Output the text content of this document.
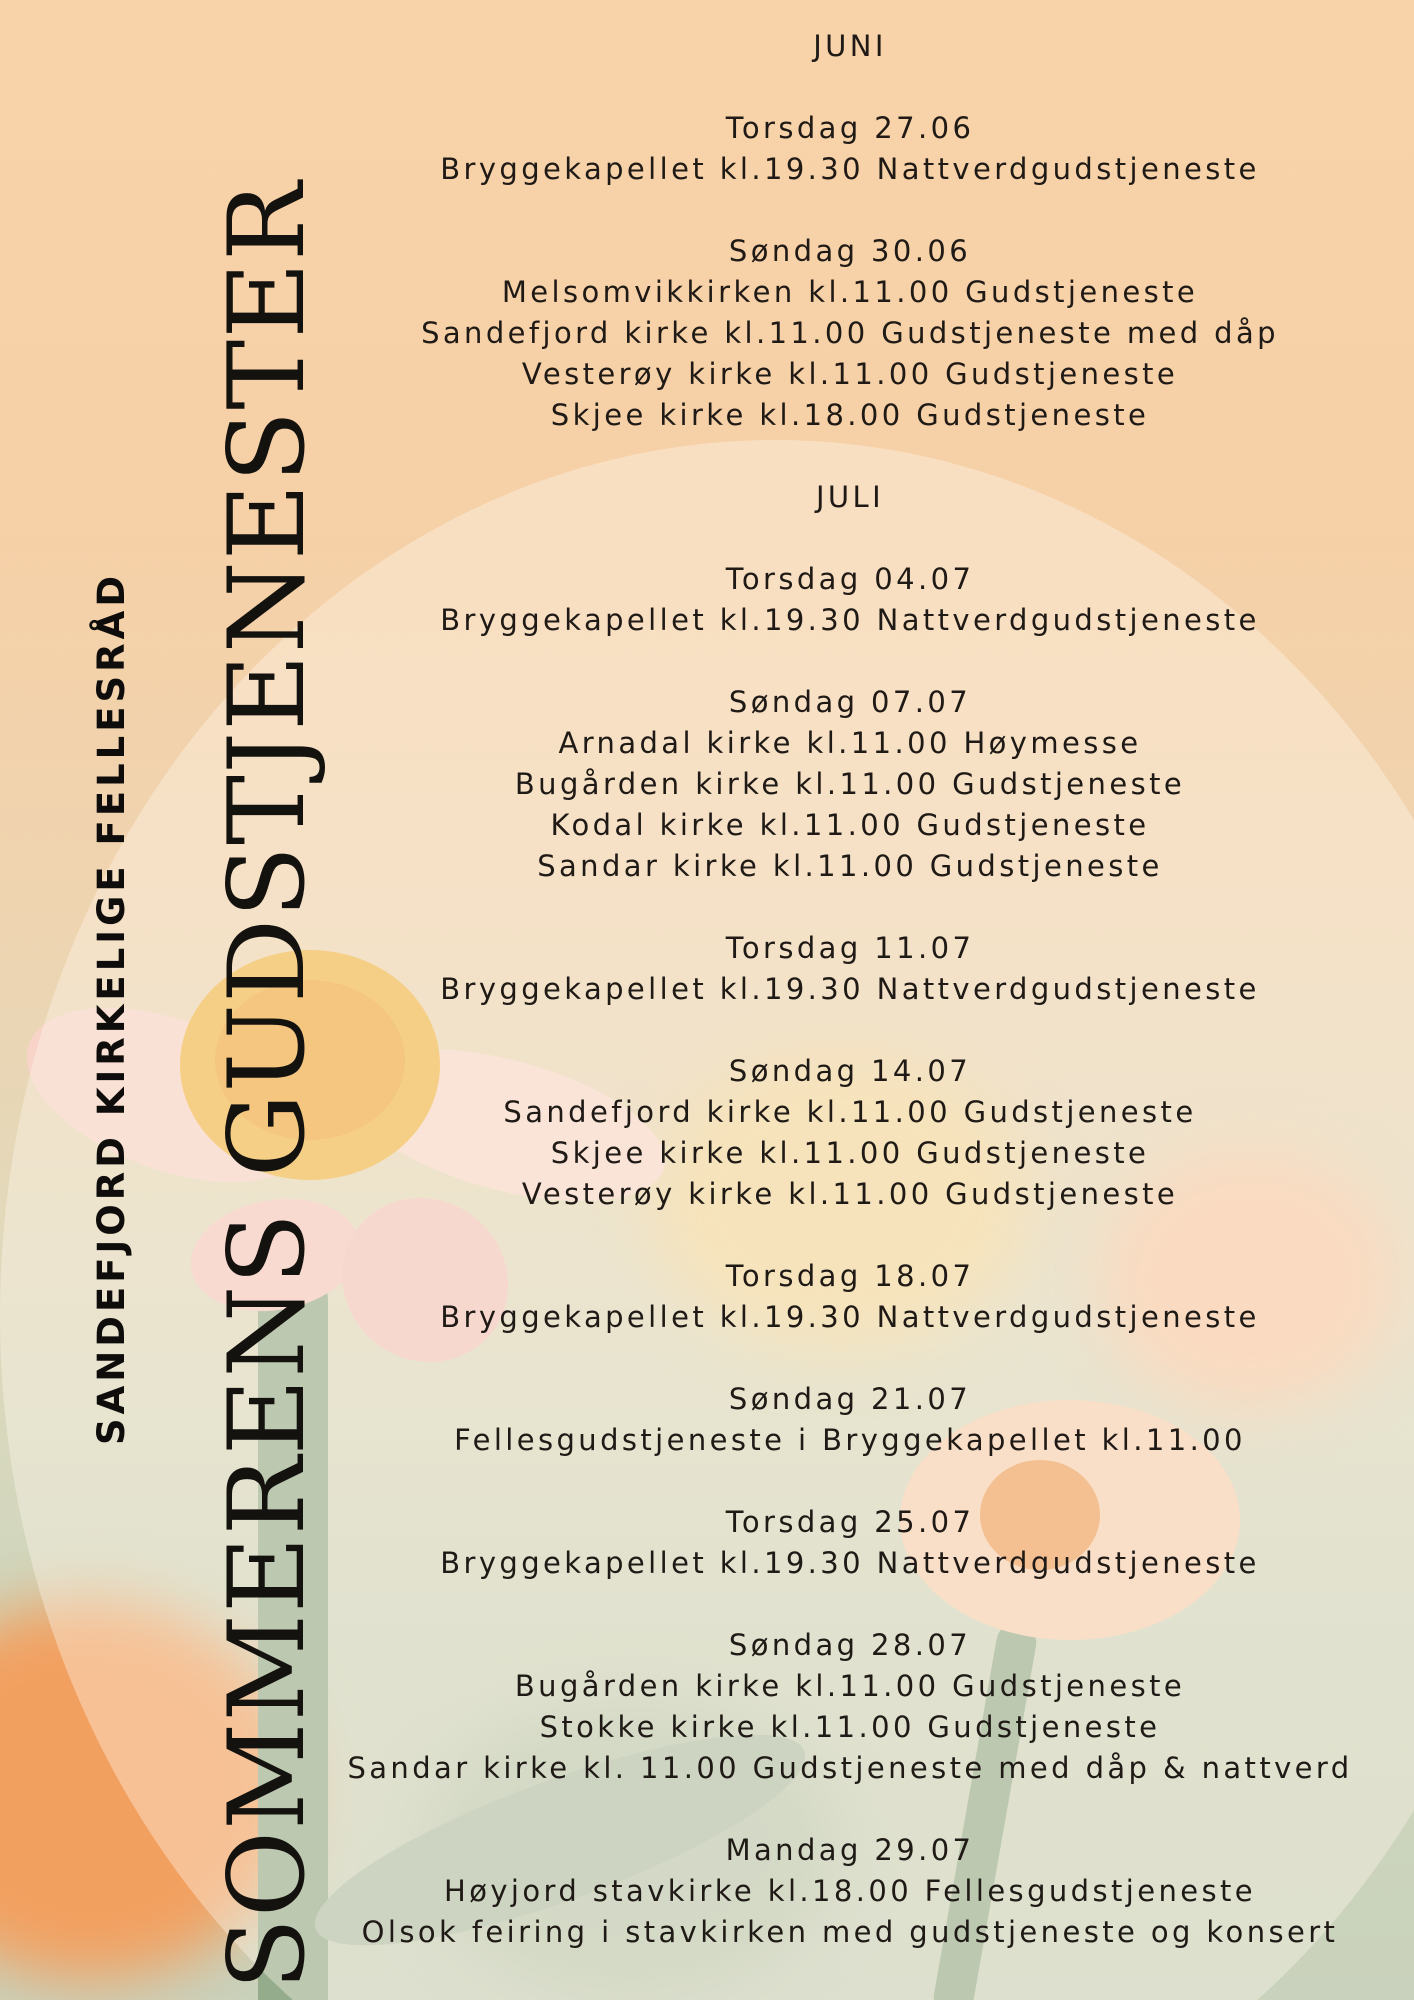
SOMMERENS GUDSTJENESTER
SANDEFJORD KIRKELIGE FELLESRÅD
JUNI
Torsdag 27.06
Bryggekapellet kl.19.30 Nattverdgudstjeneste
Søndag 30.06
Melsomvikkirken kl.11.00 Gudstjeneste
Sandefjord kirke kl.11.00 Gudstjeneste med dåp
Vesterøy kirke kl.11.00 Gudstjeneste
Skjee kirke kl.18.00 Gudstjeneste
JULI
Torsdag 04.07
Bryggekapellet kl.19.30 Nattverdgudstjeneste
Søndag 07.07
Arnadal kirke kl.11.00 Høymesse
Bugården kirke kl.11.00 Gudstjeneste
Kodal kirke kl.11.00 Gudstjeneste
Sandar kirke kl.11.00 Gudstjeneste
Torsdag 11.07
Bryggekapellet kl.19.30 Nattverdgudstjeneste
Søndag 14.07
Sandefjord kirke kl.11.00 Gudstjeneste
Skjee kirke kl.11.00 Gudstjeneste
Vesterøy kirke kl.11.00 Gudstjeneste
Torsdag 18.07
Bryggekapellet kl.19.30 Nattverdgudstjeneste
Søndag 21.07
Fellesgudstjeneste i Bryggekapellet kl.11.00
Torsdag 25.07
Bryggekapellet kl.19.30 Nattverdgudstjeneste
Søndag 28.07
Bugården kirke kl.11.00 Gudstjeneste
Stokke kirke kl.11.00 Gudstjeneste
Sandar kirke kl. 11.00 Gudstjeneste med dåp & nattverd
Mandag 29.07
Høyjord stavkirke kl.18.00 Fellesgudstjeneste
Olsok feiring i stavkirken med gudstjeneste og konsert
